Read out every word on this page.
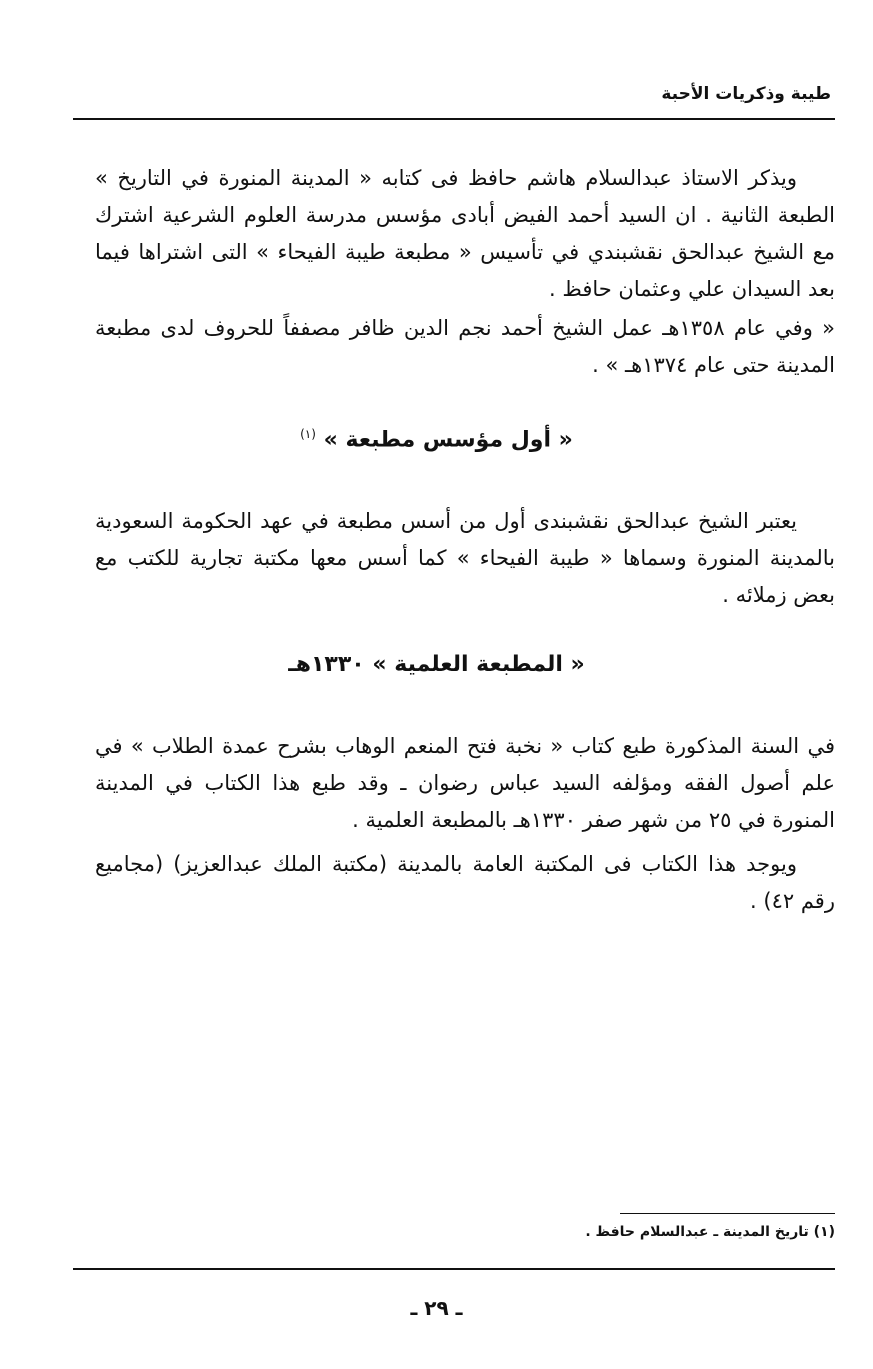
طيبة وذكريات الأحبة

ويذكر الاستاذ عبدالسلام هاشم حافظ فى كتابه « المدينة المنورة في التاريخ » الطبعة الثانية . ان السيد أحمد الفيض أبادى مؤسس مدرسة العلوم الشرعية اشترك مع الشيخ عبدالحق نقشبندي في تأسيس « مطبعة طيبة الفيحاء » التى اشتراها فيما بعد السيدان علي وعثمان حافظ .

« وفي عام ١٣٥٨هـ عمل الشيخ أحمد نجم الدين ظافر مصففاً للحروف لدى مطبعة المدينة حتى عام ١٣٧٤هـ » .

« أول مؤسس مطبعة » $^{(١)}$

يعتبر الشيخ عبدالحق نقشبندى أول من أسس مطبعة في عهد الحكومة السعودية بالمدينة المنورة وسماها « طيبة الفيحاء » كما أسس معها مكتبة تجارية للكتب مع بعض زملائه .

« المطبعة العلمية » ١٣٣٠هـ

في السنة المذكورة طبع كتاب « نخبة فتح المنعم الوهاب بشرح عمدة الطلاب » في علم أصول الفقه ومؤلفه السيد عباس رضوان ـ وقد طبع هذا الكتاب في المدينة المنورة في ٢٥ من شهر صفر ١٣٣٠هـ بالمطبعة العلمية .

ويوجد هذا الكتاب فى المكتبة العامة بالمدينة (مكتبة الملك عبدالعزيز) (مجاميع رقم ٤٢) .

(١) تاريخ المدينة ـ عبدالسلام حافظ .
ـ ٢٩ ـ
